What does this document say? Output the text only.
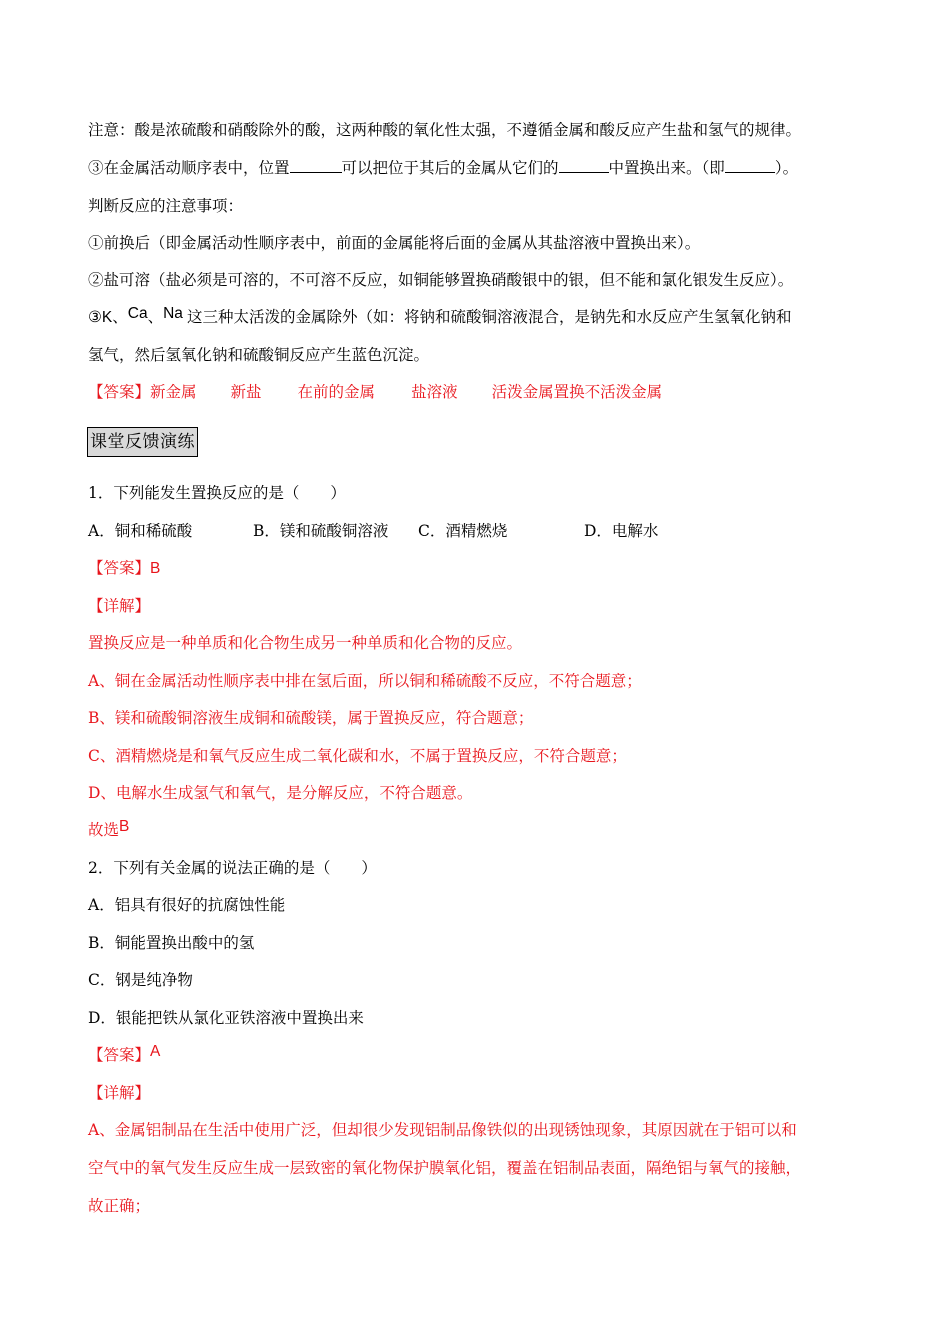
注意：酸是浓硫酸和硝酸除外的酸，这两种酸的氧化性太强，不遵循金属和酸反应产生盐和氢气的规律。
③在金属活动顺序表中，位置	可以把位于其后的金属从它们的	中置换出来。（即	）。
判断反应的注意事项：
①前换后（即金属活动性顺序表中，前面的金属能将后面的金属从其盐溶液中置换出来）。
②盐可溶（盐必须是可溶的，不可溶不反应，如铜能够置换硝酸银中的银，但不能和氯化银发生反应）。
③K、Ca、Na 这三种太活泼的金属除外（如：将钠和硫酸铜溶液混合，是钠先和水反应产生氢氧化钠和
氢气，然后氢氧化钠和硫酸铜反应产生蓝色沉淀。
【答案】新金属 新盐 在前的金属 盐溶液 活泼金属置换不活泼金属
课堂反馈演练
1．下列能发生置换反应的是（　　）
A．铜和稀硫酸	B．镁和硫酸铜溶液 C．酒精燃烧	D．电解水
【答案】B
【详解】
置换反应是一种单质和化合物生成另一种单质和化合物的反应。
A、铜在金属活动性顺序表中排在氢后面，所以铜和稀硫酸不反应，不符合题意；
B、镁和硫酸铜溶液生成铜和硫酸镁，属于置换反应，符合题意；
C、酒精燃烧是和氧气反应生成二氧化碳和水，不属于置换反应，不符合题意；
D、电解水生成氢气和氧气，是分解反应，不符合题意。
故选B
2．下列有关金属的说法正确的是（　　）
A．铝具有很好的抗腐蚀性能
B．铜能置换出酸中的氢
C．钢是纯净物
D．银能把铁从氯化亚铁溶液中置换出来
【答案】A
【详解】
A、金属铝制品在生活中使用广泛，但却很少发现铝制品像铁似的出现锈蚀现象，其原因就在于铝可以和
空气中的氧气发生反应生成一层致密的氧化物保护膜氧化铝，覆盖在铝制品表面，隔绝铝与氧气的接触，
故正确；
